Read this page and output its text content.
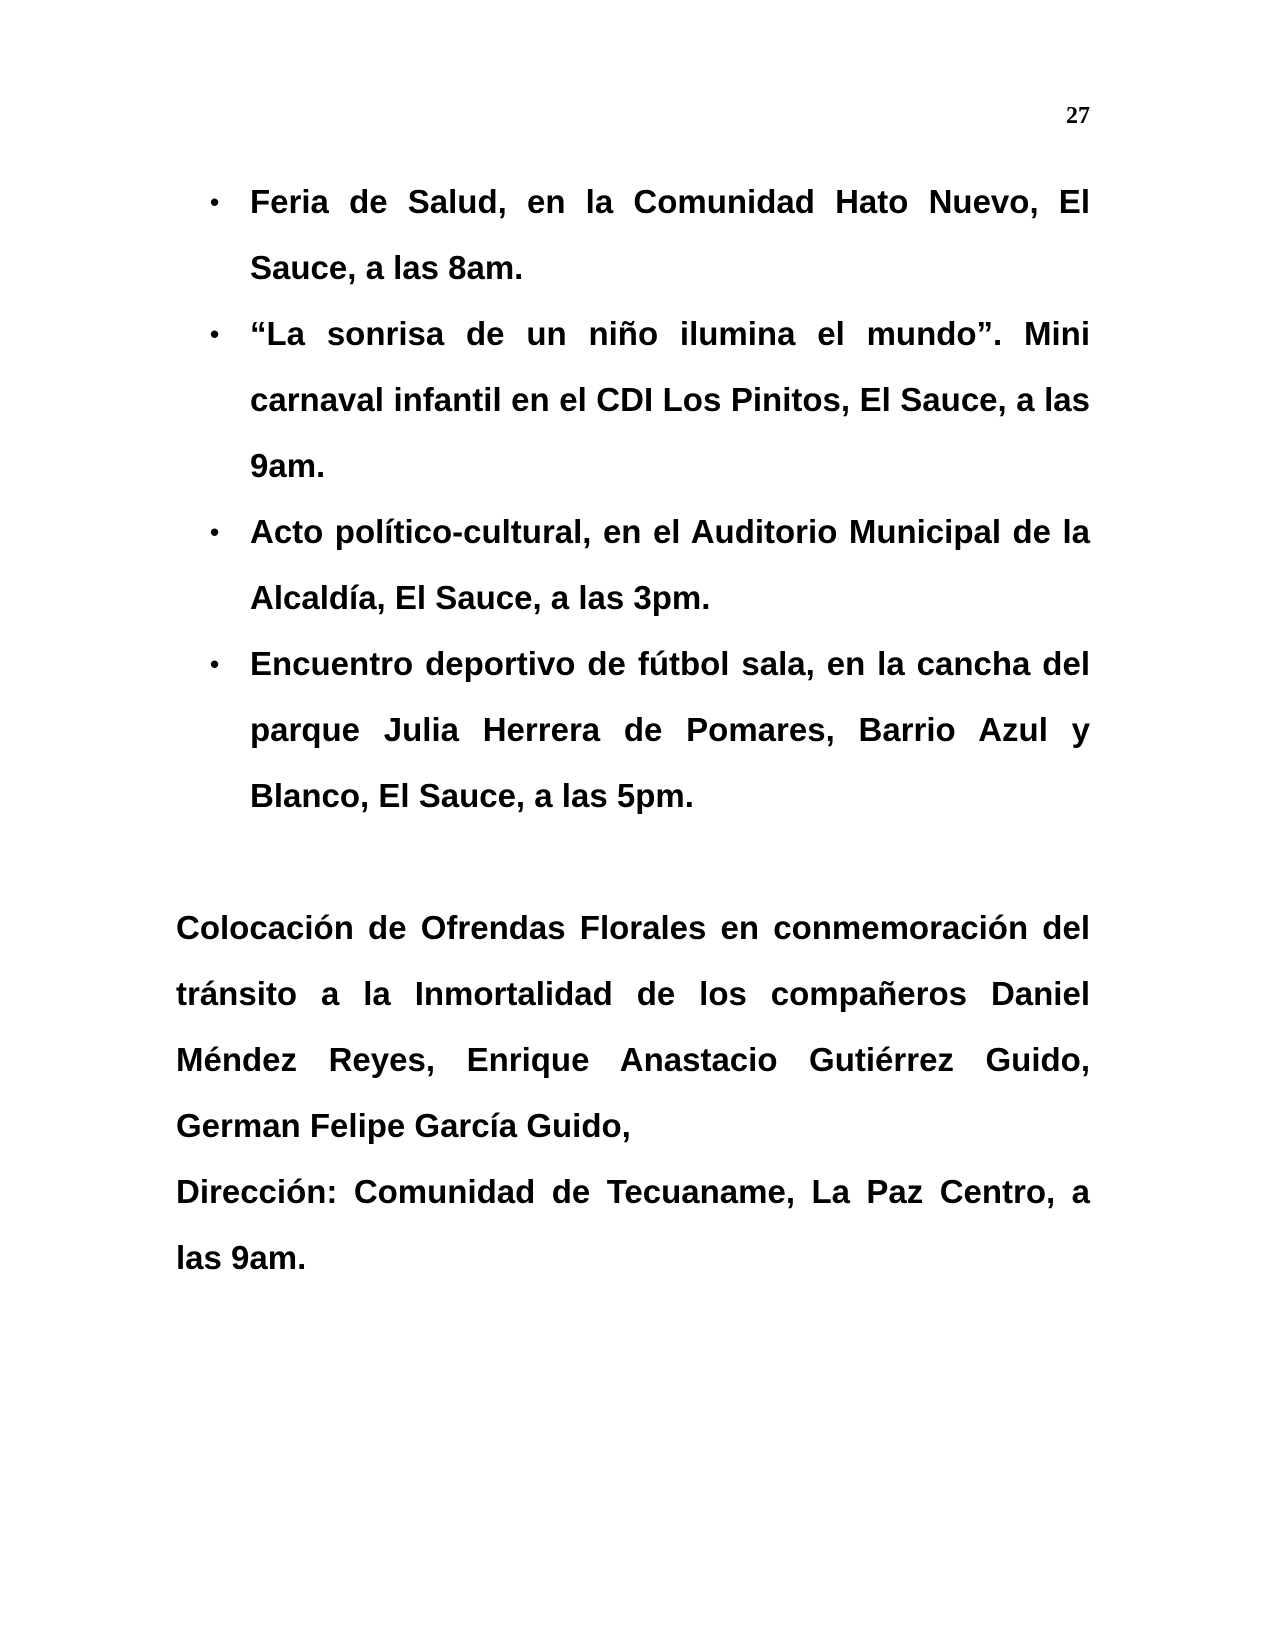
27
• Feria de Salud, en la Comunidad Hato Nuevo, El Sauce, a las 8am.
• “La sonrisa de un niño ilumina el mundo”. Mini carnaval infantil en el CDI Los Pinitos, El Sauce, a las 9am.
• Acto político-cultural, en el Auditorio Municipal de la Alcaldía, El Sauce, a las 3pm.
• Encuentro deportivo de fútbol sala, en la cancha del parque Julia Herrera de Pomares, Barrio Azul y Blanco, El Sauce, a las 5pm.

Colocación de Ofrendas Florales en conmemoración del tránsito a la Inmortalidad de los compañeros Daniel Méndez Reyes, Enrique Anastacio Gutiérrez Guido, German Felipe García Guido,

Dirección: Comunidad de Tecuaname, La Paz Centro, a las 9am.
